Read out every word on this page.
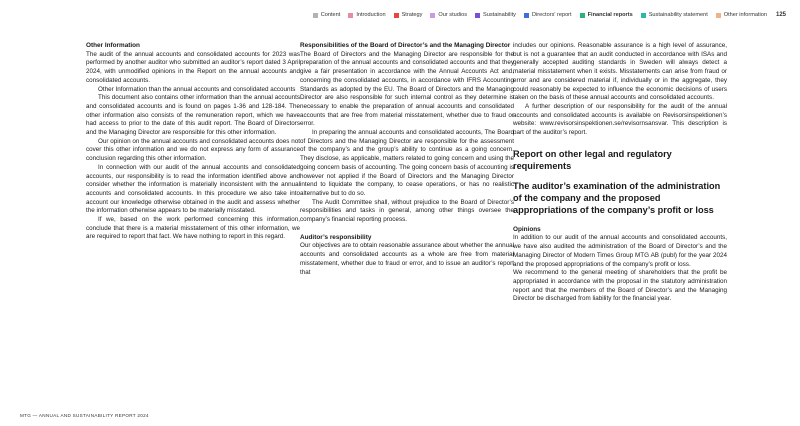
Content	Introduction	Strategy	Our studios	Sustainability	Directors' report	Financial reports	Sustainability statement	Other information 125
Other Information

The audit of the annual accounts and consolidated accounts for 2023 was performed by another auditor who submitted an auditor’s report dated 3 April 2024, with unmodified opinions in the Report on the annual accounts and consolidated accounts.

Other Information than the annual accounts and consolidated accounts

This document also contains other information than the annual accounts and consolidated accounts and is found on pages 1-36 and 128-184. The other information also consists of the remuneration report, which we have had access to prior to the date of this audit report. The Board of Directors and the Managing Director are responsible for this other information.

Our opinion on the annual accounts and consolidated accounts does not cover this other information and we do not express any form of assurance conclusion regarding this other information.

In connection with our audit of the annual accounts and consolidated accounts, our responsibility is to read the information identified above and consider whether the information is materially inconsistent with the annual accounts and consolidated accounts. In this procedure we also take into account our knowledge otherwise obtained in the audit and assess whether the information otherwise appears to be materially misstated.

If we, based on the work performed concerning this information, conclude that there is a material misstatement of this other information, we are required to report that fact. We have nothing to report in this regard.

Responsibilities of the Board of Director’s and the Managing Director

The Board of Directors and the Managing Director are responsible for the preparation of the annual accounts and consolidated accounts and that they give a fair presentation in accordance with the Annual Accounts Act and, concerning the consolidated accounts, in accordance with IFRS Accounting Standards as adopted by the EU. The Board of Directors and the Managing Director are also responsible for such internal control as they determine is necessary to enable the preparation of annual accounts and consolidated accounts that are free from material misstatement, whether due to fraud or error.

In preparing the annual accounts and consolidated accounts, The Board of Directors and the Managing Director are responsible for the assessment of the company’s and the group’s ability to continue as a going concern. They disclose, as applicable, matters related to going concern and using the going concern basis of accounting. The going concern basis of accounting is however not applied if the Board of Directors and the Managing Director intend to liquidate the company, to cease operations, or has no realistic alternative but to do so.

The Audit Committee shall, without prejudice to the Board of Director’s responsibilities and tasks in general, among other things oversee the company’s financial reporting process.

Auditor’s responsibility

Our objectives are to obtain reasonable assurance about whether the annual accounts and consolidated accounts as a whole are free from material misstatement, whether due to fraud or error, and to issue an auditor’s report that

includes our opinions. Reasonable assurance is a high level of assurance, but is not a guarantee that an audit conducted in accordance with ISAs and generally accepted auditing standards in Sweden will always detect a material misstatement when it exists. Misstatements can arise from fraud or error and are considered material if, individually or in the aggregate, they could reasonably be expected to influence the economic decisions of users taken on the basis of these annual accounts and consolidated accounts.

A further description of our responsibility for the audit of the annual accounts and consolidated accounts is available on Revisorsinspektionen’s website: www.revisorsinspektionen.se/revisornsansvar. This description is part of the auditor’s report.

Report on other legal and regulatory requirements
The auditor’s examination of the administration of the company and the proposed appropriations of the company’s profit or loss
Opinions

In addition to our audit of the annual accounts and consolidated accounts, we have also audited the administration of the Board of Director’s and the Managing Director of Modern Times Group MTG AB (publ) for the year 2024 and the proposed appropriations of the company’s profit or loss.

We recommend to the general meeting of shareholders that the profit be appropriated in accordance with the proposal in the statutory administration report and that the members of the Board of Director’s and the Managing Director be discharged from liability for the financial year.

MTG — ANNUAL AND SUSTAINABILITY REPORT 2024
